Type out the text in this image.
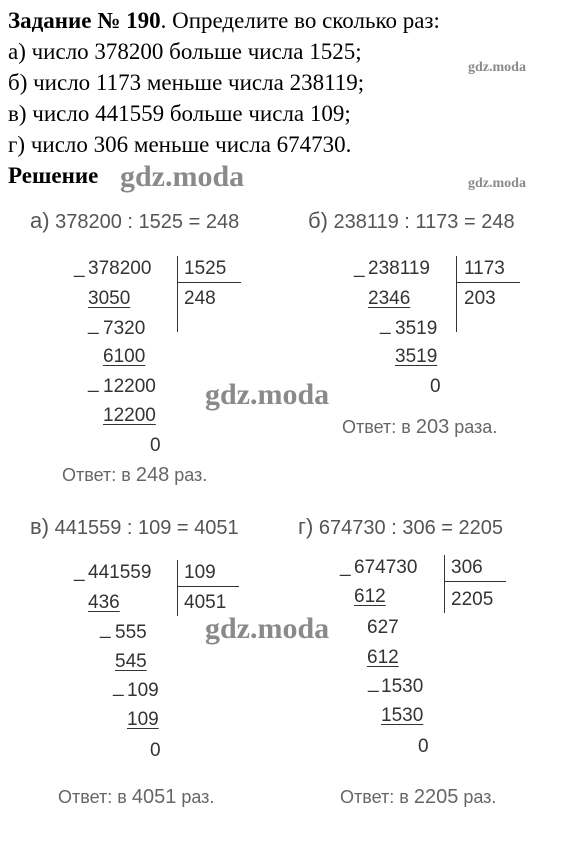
Задание № 190. Определите во сколько раз:
а) число 378200 больше числа 1525;
б) число 1173 меньше числа 238119;
в) число 441559 больше числа 109;
г) число 306 меньше числа 674730.
Решение
gdz.moda
gdz.moda	gdz.moda
gdz.moda
gdz.moda
а) 378200 : 1525 = 248
_ 378200 1525
248
3050
_ 7320
6100
_ 12200
12200
0
Ответ: в 248 раз.
б) 238119 : 1173 = 248
_ 238119 1173
203
2346
_ 3519
3519
0
Ответ: в 203 раза.
в) 441559 : 109 = 4051
_ 441559 109
4051
436
_ 555
545
_ 109
109
0
Ответ: в 4051 раз.
г) 674730 : 306 = 2205
_ 674730 306
2205
612
627
612
_ 1530
1530
0
Ответ: в 2205 раз.
